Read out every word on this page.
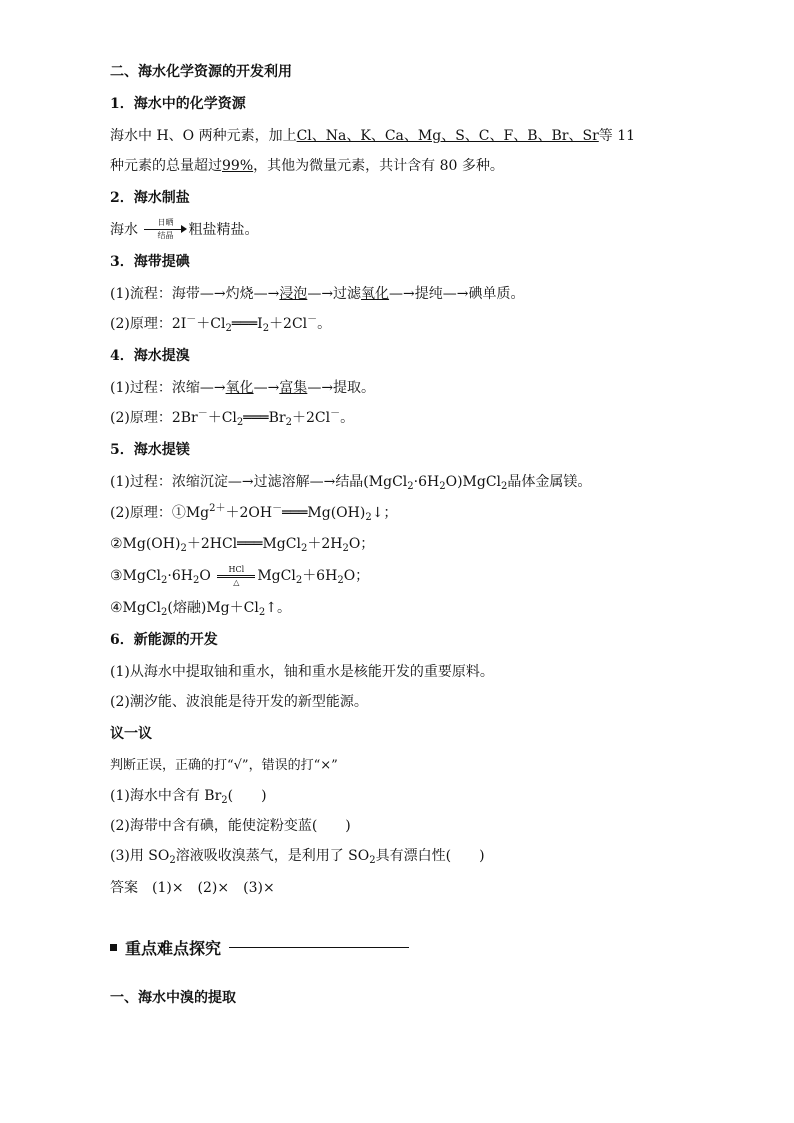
二、海水化学资源的开发利用
1．海水中的化学资源
海水中 H、O 两种元素，加上Cl、Na、K、Ca、Mg、S、C、F、B、Br、Sr等 11
种元素的总量超过99%，其他为微量元素，共计含有 80 多种。
2．海水制盐
海水	日晒
结晶	粗盐精盐。
3．海带提碘
(1)流程：海带—→灼烧—→浸泡—→过滤氧化—→提纯—→碘单质。
(2)原理：$2I^-+Cl_2═══I_2+2Cl^-$。
4．海水提溴
(1)过程：浓缩—→氧化—→富集—→提取。
(2)原理：$2Br^-+Cl_2═══Br_2+2Cl^-$。
5．海水提镁
(1)过程：浓缩沉淀—→过滤溶解—→结晶$(MgCl_2\cdot 6H_2O)MgCl_2$晶体金属镁。
(2)原理：$①Mg^{2+}+2OH^-═══Mg(OH)_2↓$；
$②Mg(OH)_2+2HCl═══MgCl_2+2H_2O$；
$③MgCl_2\cdot 6H_2O$	HCl
△	$MgCl_2+6H_2O$；
④MgCl$_2$(熔融)$Mg+Cl_2↑$。
6．新能源的开发
(1)从海水中提取铀和重水，铀和重水是核能开发的重要原料。
(2)潮汐能、波浪能是待开发的新型能源。
议一议
判断正误，正确的打“√”，错误的打“×”
(1)海水中含有 $Br_2$(　　)
(2)海带中含有碘，能使淀粉变蓝(　　)
(3)用 $SO_2$溶液吸收溴蒸气，是利用了 $SO_2$具有漂白性(　　)
答案　(1)×　(2)×　(3)×
重点难点探究
一、海水中溴的提取
